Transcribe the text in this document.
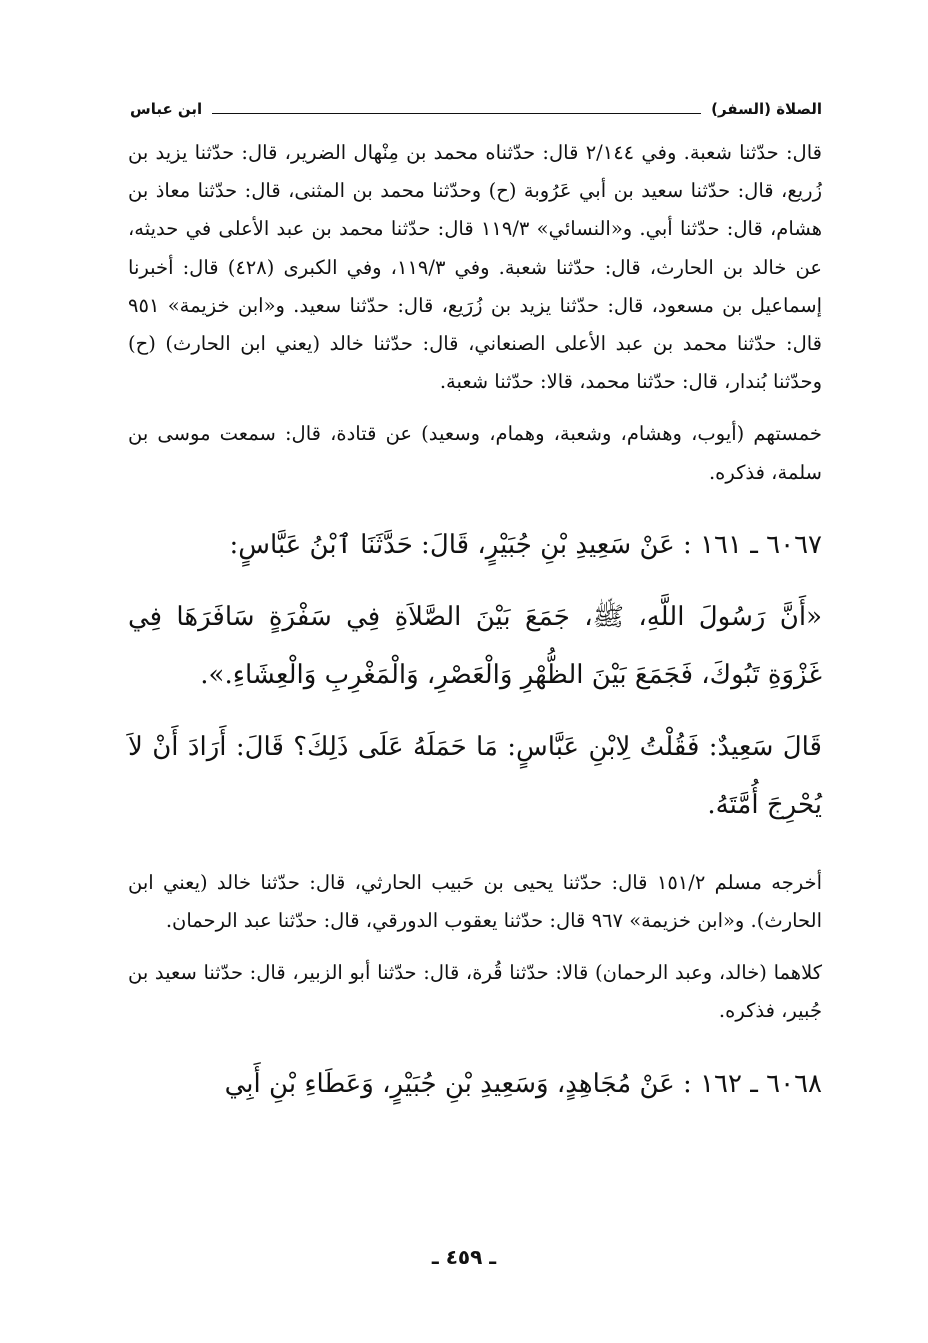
الصلاة (السفر)
ابن عباس

قال: حدّثنا شعبة. وفي ٢/١٤٤ قال: حدّثناه محمد بن مِنْهال الضرير، قال: حدّثنا يزيد بن زُريع، قال: حدّثنا سعيد بن أبي عَرُوبة (ح) وحدّثنا محمد بن المثنى، قال: حدّثنا معاذ بن هشام، قال: حدّثنا أبي. و«النسائي» ١١٩/٣ قال: حدّثنا محمد بن عبد الأعلى في حديثه، عن خالد بن الحارث، قال: حدّثنا شعبة. وفي ١١٩/٣، وفي الكبرى (٤٢٨) قال: أخبرنا إسماعيل بن مسعود، قال: حدّثنا يزيد بن زُرَيع، قال: حدّثنا سعيد. و«ابن خزيمة» ٩٥١ قال: حدّثنا محمد بن عبد الأعلى الصنعاني، قال: حدّثنا خالد (يعني ابن الحارث) (ح) وحدّثنا بُندار، قال: حدّثنا محمد، قالا: حدّثنا شعبة.

خمستهم (أيوب، وهشام، وشعبة، وهمام، وسعيد) عن قتادة، قال: سمعت موسى بن سلمة، فذكره.

٦٠٦٧ ـ ١٦١ : عَنْ سَعِيدِ بْنِ جُبَيْرٍ، قَالَ: حَدَّثَنَا ٱبْنُ عَبَّاسٍ:

«أَنَّ رَسُولَ اللَّهِ، ﷺ، جَمَعَ بَيْنَ الصَّلاَةِ فِي سَفْرَةٍ سَافَرَهَا فِي غَزْوَةِ تَبُوكَ، فَجَمَعَ بَيْنَ الظُّهْرِ وَالْعَصْرِ، وَالْمَغْرِبِ وَالْعِشَاءِ.».

قَالَ سَعِيدٌ: فَقُلْتُ لِابْنِ عَبَّاسٍ: مَا حَمَلَهُ عَلَى ذَلِكَ؟ قَالَ: أَرَادَ أَنْ لاَ يُحْرِجَ أُمَّتَهُ.

أخرجه مسلم ١٥١/٢ قال: حدّثنا يحيى بن حَبيب الحارثي، قال: حدّثنا خالد (يعني ابن الحارث). و«ابن خزيمة» ٩٦٧ قال: حدّثنا يعقوب الدورقي، قال: حدّثنا عبد الرحمان.

كلاهما (خالد، وعبد الرحمان) قالا: حدّثنا قُرة، قال: حدّثنا أبو الزبير، قال: حدّثنا سعيد بن جُبير، فذكره.

٦٠٦٨ ـ ١٦٢ : عَنْ مُجَاهِدٍ، وَسَعِيدِ بْنِ جُبَيْرٍ، وَعَطَاءِ بْنِ أَبِي

ـ ٤٥٩ ـ
